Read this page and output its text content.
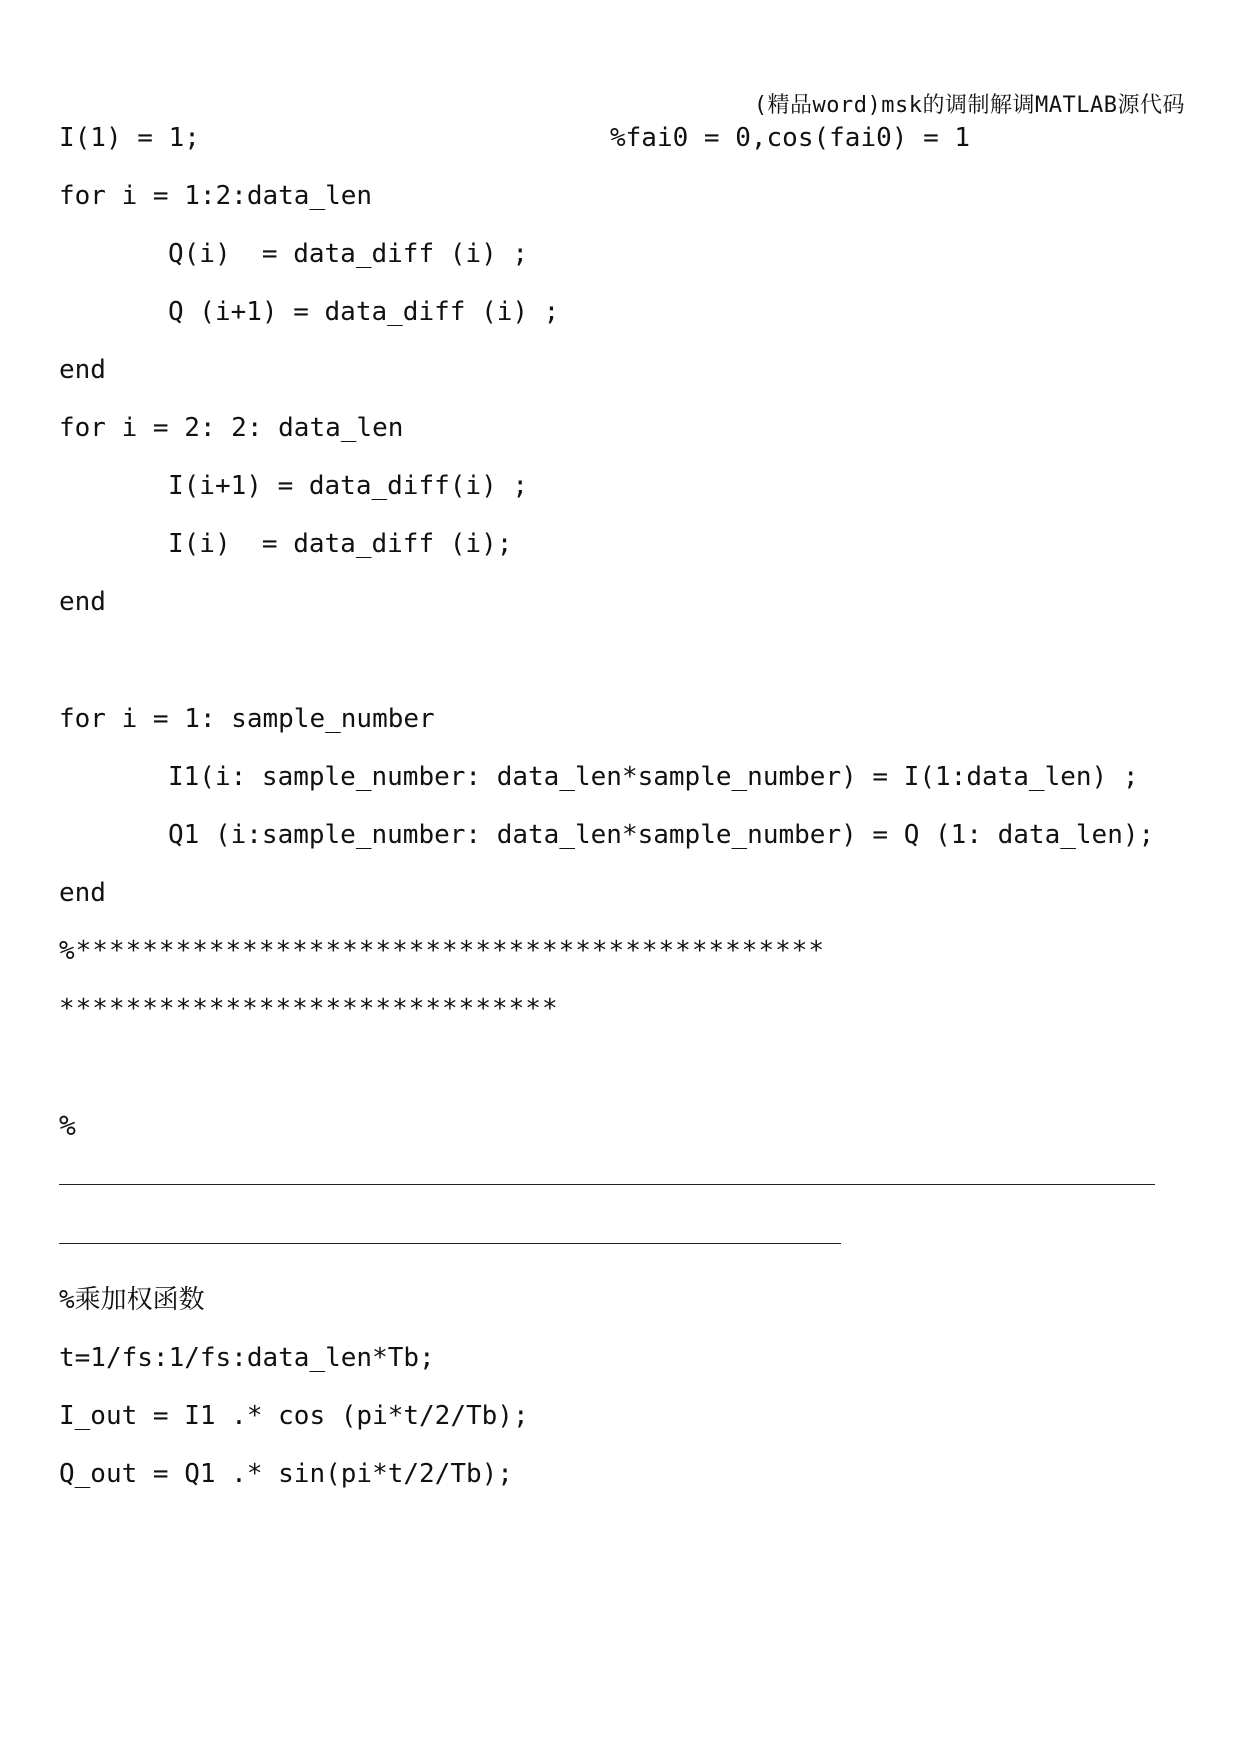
(精品word)msk的调制解调MATLAB源代码
I(1) = 1;	%fai0 = 0,cos(fai0) = 1
for i = 1:2:data_len
Q(i)  = data_diff (i) ;
Q (i+1) = data_diff (i) ;
end
for i = 2: 2: data_len
I(i+1) = data_diff(i) ;
I(i)  = data_diff (i);
end
for i = 1: sample_number
I1(i: sample_number: data_len*sample_number) = I(1:data_len) ;
Q1 (i:sample_number: data_len*sample_number) = Q (1: data_len);
end
%*********************************************
******************************
%
%乘加权函数
t=1/fs:1/fs:data_len*Tb;
I_out = I1 .* cos (pi*t/2/Tb);
Q_out = Q1 .* sin(pi*t/2/Tb);
